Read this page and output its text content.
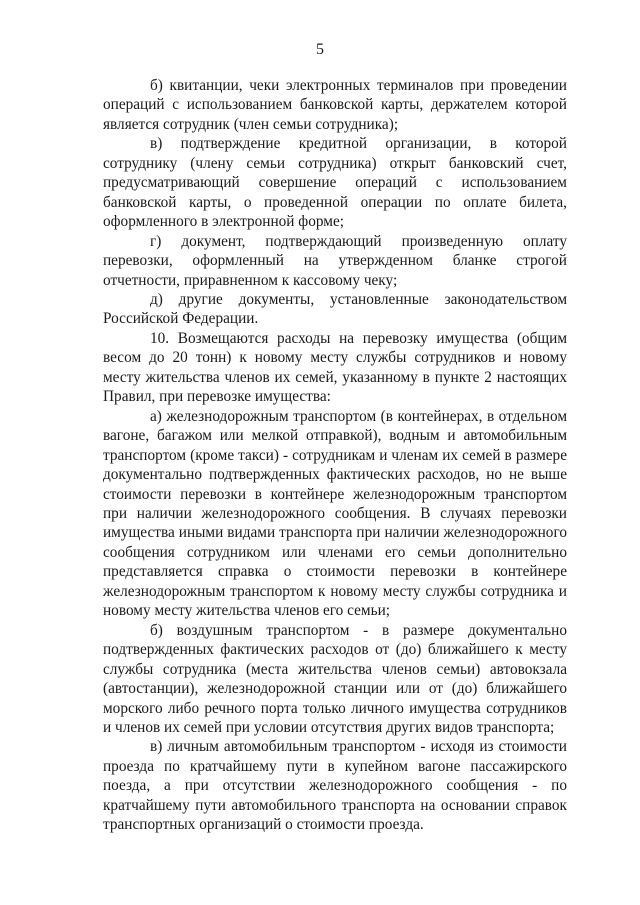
5

б) квитанции, чеки электронных терминалов при проведении операций с использованием банковской карты, держателем которой является сотрудник (член семьи сотрудника);

в) подтверждение кредитной организации, в которой сотруднику (члену семьи сотрудника) открыт банковский счет, предусматривающий совершение операций с использованием банковской карты, о проведенной операции по оплате билета, оформленного в электронной форме;

г) документ, подтверждающий произведенную оплату перевозки, оформленный на утвержденном бланке строгой отчетности, приравненном к кассовому чеку;

д) другие документы, установленные законодательством Российской Федерации.

10. Возмещаются расходы на перевозку имущества (общим весом до 20 тонн) к новому месту службы сотрудников и новому месту жительства членов их семей, указанному в пункте 2 настоящих Правил, при перевозке имущества:

а) железнодорожным транспортом (в контейнерах, в отдельном вагоне, багажом или мелкой отправкой), водным и автомобильным транспортом (кроме такси) - сотрудникам и членам их семей в размере документально подтвержденных фактических расходов, но не выше стоимости перевозки в контейнере железнодорожным транспортом при наличии железнодорожного сообщения. В случаях перевозки имущества иными видами транспорта при наличии железнодорожного сообщения сотрудником или членами его семьи дополнительно представляется справка о стоимости перевозки в контейнере железнодорожным транспортом к новому месту службы сотрудника и новому месту жительства членов его семьи;

б) воздушным транспортом - в размере документально подтвержденных фактических расходов от (до) ближайшего к месту службы сотрудника (места жительства членов семьи) автовокзала (автостанции), железнодорожной станции или от (до) ближайшего морского либо речного порта только личного имущества сотрудников и членов их семей при условии отсутствия других видов транспорта;

в) личным автомобильным транспортом - исходя из стоимости проезда по кратчайшему пути в купейном вагоне пассажирского поезда, а при отсутствии железнодорожного сообщения - по кратчайшему пути автомобильного транспорта на основании справок транспортных организаций о стоимости проезда.
